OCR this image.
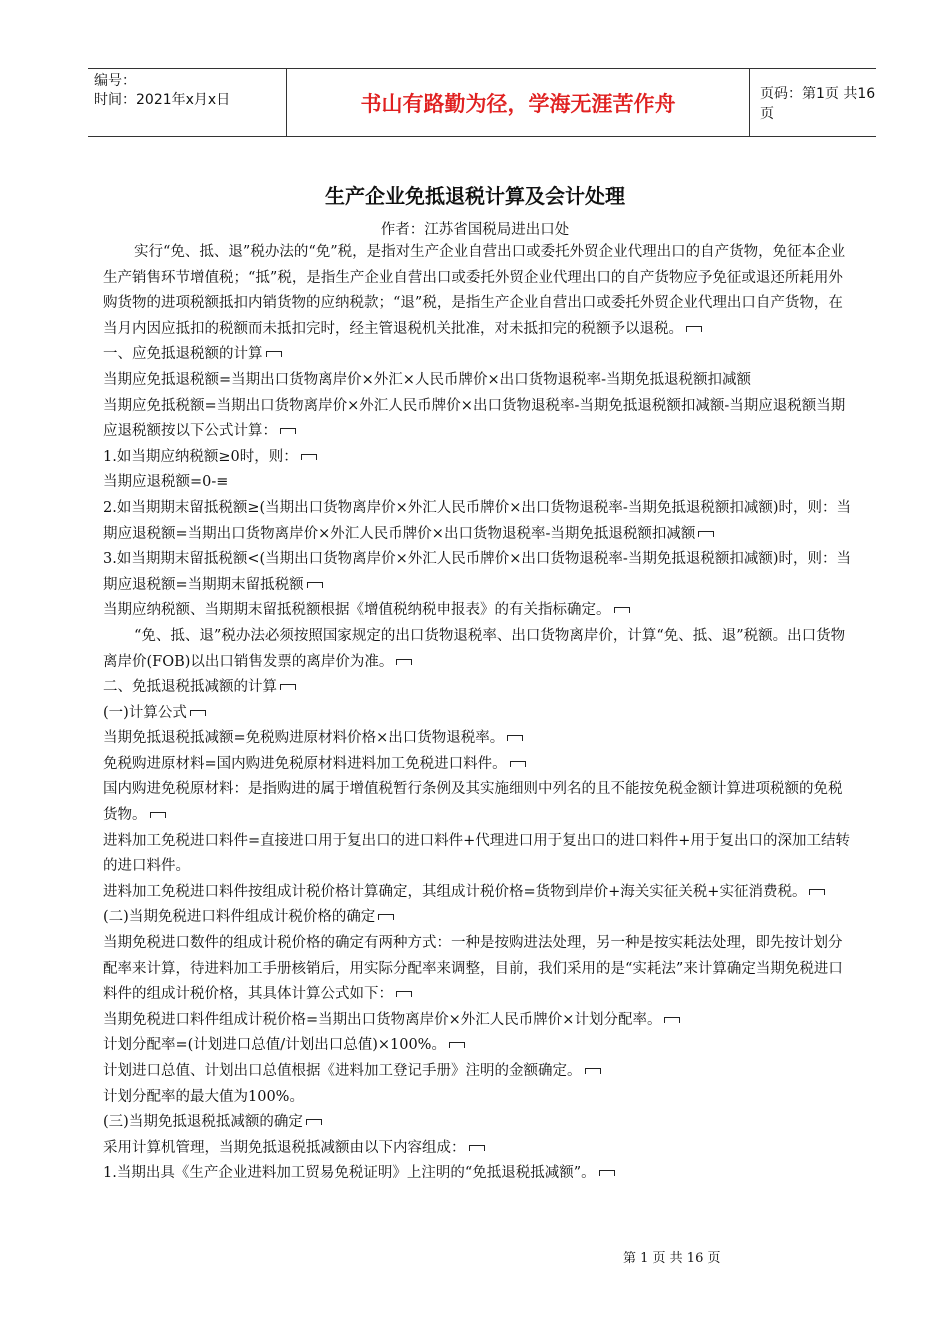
编号：
时间：2021年x月x日	书山有路勤为径，学海无涯苦作舟	页码：第1页 共16页
生产企业免抵退税计算及会计处理
作者：江苏省国税局进出口处

实行“免、抵、退”税办法的“免”税，是指对生产企业自营出口或委托外贸企业代理出口的自产货物，免征本企业生产销售环节增值税；“抵”税，是指生产企业自营出口或委托外贸企业代理出口的自产货物应予免征或退还所耗用外购货物的进项税额抵扣内销货物的应纳税款；“退”税，是指生产企业自营出口或委托外贸企业代理出口自产货物，在当月内因应抵扣的税额而未抵扣完时，经主管退税机关批准，对未抵扣完的税额予以退税。

一、应免抵退税额的计算

当期应免抵退税额=当期出口货物离岸价×外汇×人民币牌价×出口货物退税率-当期免抵退税额扣减额

当期应免抵税额=当期出口货物离岸价×外汇人民币牌价×出口货物退税率-当期免抵退税额扣减额-当期应退税额当期应退税额按以下公式计算：

1.如当期应纳税额≥0时，则：

当期应退税额=0-≡

2.如当期期末留抵税额≥(当期出口货物离岸价×外汇人民币牌价×出口货物退税率-当期免抵退税额扣减额)时，则：当期应退税额=当期出口货物离岸价×外汇人民币牌价×出口货物退税率-当期免抵退税额扣减额

3.如当期期末留抵税额<(当期出口货物离岸价×外汇人民币牌价×出口货物退税率-当期免抵退税额扣减额)时，则：当期应退税额=当期期末留抵税额

当期应纳税额、当期期末留抵税额根据《增值税纳税申报表》的有关指标确定。

“免、抵、退”税办法必须按照国家规定的出口货物退税率、出口货物离岸价，计算“免、抵、退”税额。出口货物离岸价(FOB)以出口销售发票的离岸价为准。

二、免抵退税抵减额的计算

(一)计算公式

当期免抵退税抵减额=免税购进原材料价格×出口货物退税率。

免税购进原材料=国内购进免税原材料进料加工免税进口料件。

国内购进免税原材料：是指购进的属于增值税暂行条例及其实施细则中列名的且不能按免税金额计算进项税额的免税货物。

进料加工免税进口料件=直接进口用于复出口的进口料件+代理进口用于复出口的进口料件+用于复出口的深加工结转的进口料件。

进料加工免税进口料件按组成计税价格计算确定，其组成计税价格=货物到岸价+海关实征关税+实征消费税。

(二)当期免税进口料件组成计税价格的确定

当期免税进口数件的组成计税价格的确定有两种方式：一种是按购进法处理，另一种是按实耗法处理，即先按计划分配率来计算，待进料加工手册核销后，用实际分配率来调整，目前，我们采用的是“实耗法”来计算确定当期免税进口料件的组成计税价格，其具体计算公式如下：

当期免税进口料件组成计税价格=当期出口货物离岸价×外汇人民币牌价×计划分配率。

计划分配率=(计划进口总值/计划出口总值)×100%。

计划进口总值、计划出口总值根据《进料加工登记手册》注明的金额确定。

计划分配率的最大值为100%。

(三)当期免抵退税抵减额的确定

采用计算机管理，当期免抵退税抵减额由以下内容组成：

1.当期出具《生产企业进料加工贸易免税证明》上注明的“免抵退税抵减额”。

第 1 页 共 16 页
